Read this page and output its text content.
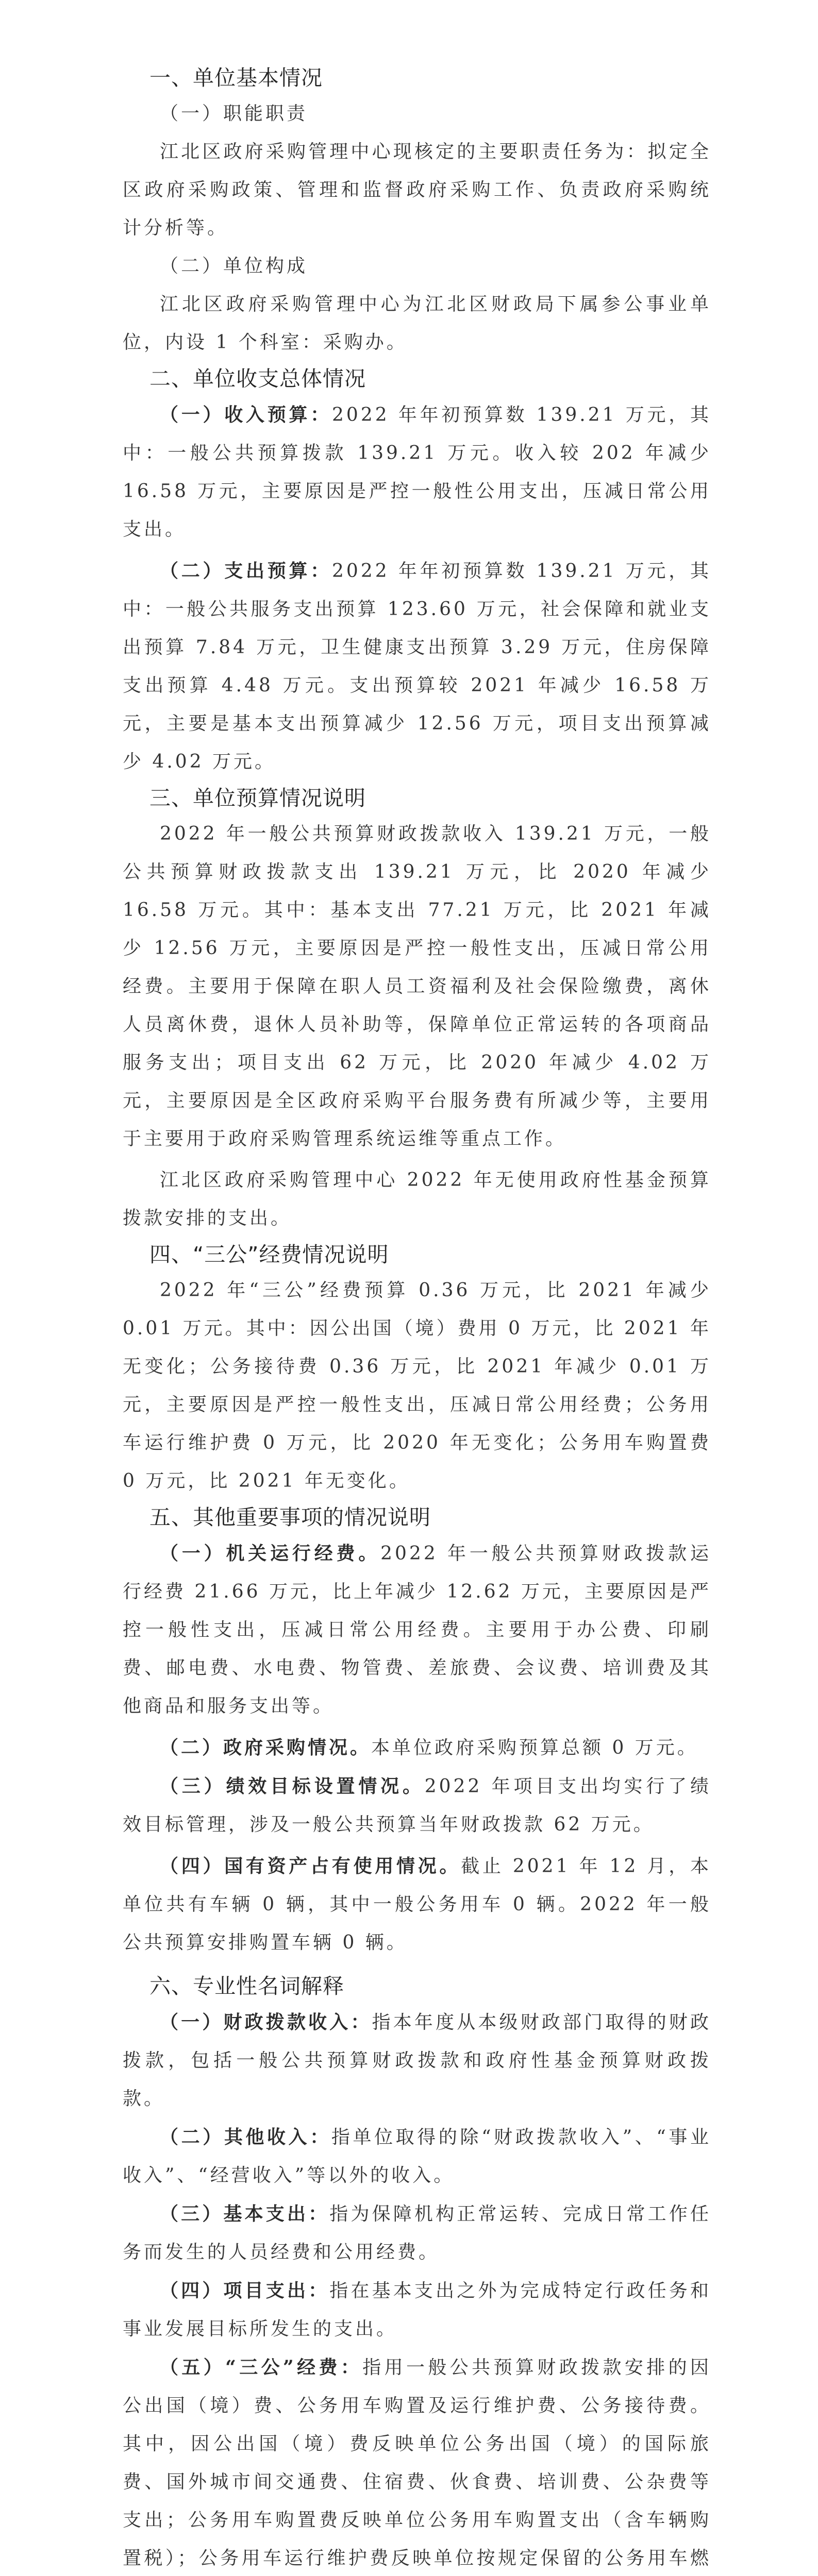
一、单位基本情况

（一）职能职责

江北区政府采购管理中心现核定的主要职责任务为：拟定全区政府采购政策、管理和监督政府采购工作、负责政府采购统计分析等。

（二）单位构成

江北区政府采购管理中心为江北区财政局下属参公事业单位，内设 1 个科室：采购办。

二、单位收支总体情况

（一）收入预算：2022 年年初预算数 139.21 万元，其中：一般公共预算拨款 139.21 万元。收入较 202 年减少 16.58 万元，主要原因是严控一般性公用支出，压减日常公用支出。

（二）支出预算：2022 年年初预算数 139.21 万元，其中：一般公共服务支出预算 123.60 万元，社会保障和就业支出预算 7.84 万元，卫生健康支出预算 3.29 万元，住房保障支出预算 4.48 万元。支出预算较 2021 年减少 16.58 万元，主要是基本支出预算减少 12.56 万元，项目支出预算减少 4.02 万元。

三、单位预算情况说明

2022 年一般公共预算财政拨款收入 139.21 万元，一般公共预算财政拨款支出 139.21 万元，比 2020 年减少 16.58 万元。其中：基本支出 77.21 万元，比 2021 年减少 12.56 万元，主要原因是严控一般性支出，压减日常公用经费。主要用于保障在职人员工资福利及社会保险缴费，离休人员离休费，退休人员补助等，保障单位正常运转的各项商品服务支出；项目支出 62 万元，比 2020 年减少 4.02 万元，主要原因是全区政府采购平台服务费有所减少等，主要用于主要用于政府采购管理系统运维等重点工作。

江北区政府采购管理中心 2022 年无使用政府性基金预算拨款安排的支出。

四、“三公”经费情况说明

2022 年“三公”经费预算 0.36 万元，比 2021 年减少 0.01 万元。其中：因公出国（境）费用 0 万元，比 2021 年无变化；公务接待费 0.36 万元，比 2021 年减少 0.01 万元，主要原因是严控一般性支出，压减日常公用经费；公务用车运行维护费 0 万元，比 2020 年无变化；公务用车购置费 0 万元，比 2021 年无变化。

五、其他重要事项的情况说明

（一）机关运行经费。2022 年一般公共预算财政拨款运行经费 21.66 万元，比上年减少 12.62 万元，主要原因是严控一般性支出，压减日常公用经费。主要用于办公费、印刷费、邮电费、水电费、物管费、差旅费、会议费、培训费及其他商品和服务支出等。

（二）政府采购情况。本单位政府采购预算总额 0 万元。

（三）绩效目标设置情况。2022 年项目支出均实行了绩效目标管理，涉及一般公共预算当年财政拨款 62 万元。

（四）国有资产占有使用情况。截止 2021 年 12 月，本单位共有车辆 0 辆，其中一般公务用车 0 辆。2022 年一般公共预算安排购置车辆 0 辆。

六、专业性名词解释

（一）财政拨款收入：指本年度从本级财政部门取得的财政拨款，包括一般公共预算财政拨款和政府性基金预算财政拨款。

（二）其他收入：指单位取得的除“财政拨款收入”、“事业收入”、“经营收入”等以外的收入。

（三）基本支出：指为保障机构正常运转、完成日常工作任务而发生的人员经费和公用经费。

（四）项目支出：指在基本支出之外为完成特定行政任务和事业发展目标所发生的支出。

（五）“三公”经费：指用一般公共预算财政拨款安排的因公出国（境）费、公务用车购置及运行维护费、公务接待费。其中，因公出国（境）费反映单位公务出国（境）的国际旅费、国外城市间交通费、住宿费、伙食费、培训费、公杂费等支出；公务用车购置费反映单位公务用车购置支出（含车辆购置税）；公务用车运行维护费反映单位按规定保留的公务用车燃
